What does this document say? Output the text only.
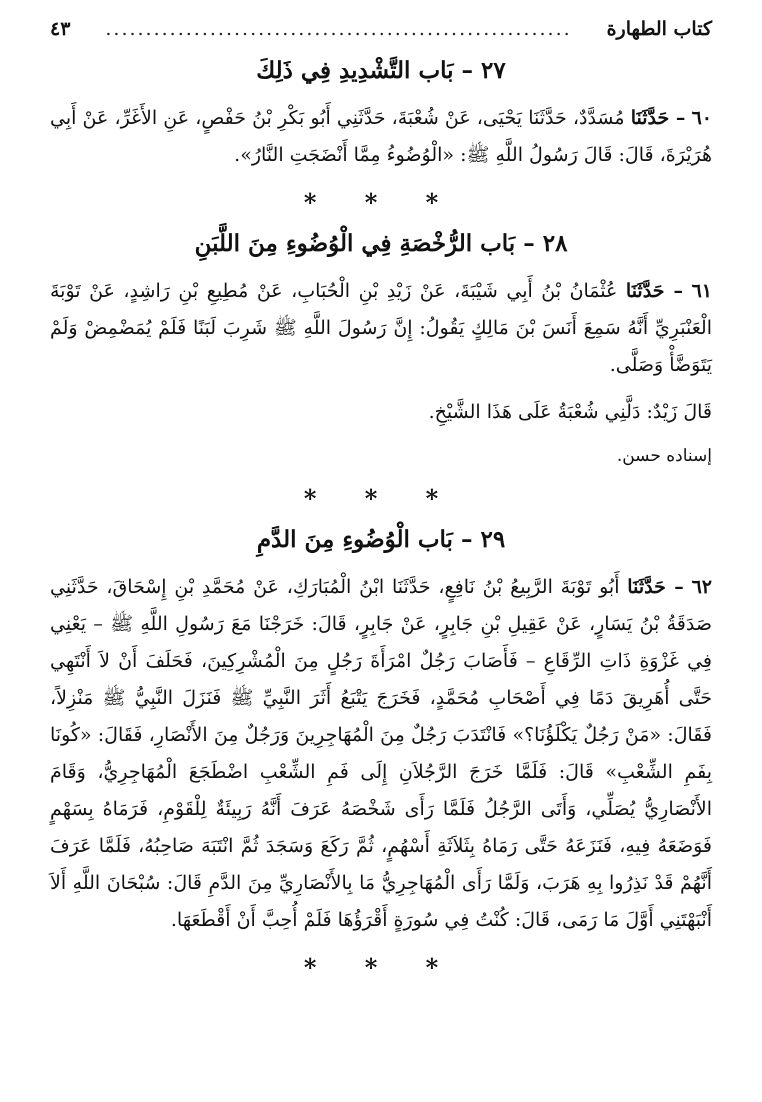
كتاب الطهارة
..........................................................
٤٣
٢٧ – بَاب التَّشْدِيدِ فِي ذَلِكَ

٦٠ – حَدَّثَنَا مُسَدَّدٌ، حَدَّثَنَا يَحْيَى، عَنْ شُعْبَةَ، حَدَّثَنِي أَبُو بَكْرِ بْنُ حَفْصٍ، عَنِ الأَغَرِّ، عَنْ أَبِي هُرَيْرَةَ، قَالَ: قَالَ رَسُولُ اللَّهِ ﷺ: «الْوُضُوءُ مِمَّا أَنْضَجَتِ النَّارُ».

* * *
٢٨ – بَاب الرُّخْصَةِ فِي الْوُضُوءِ مِنَ اللَّبَنِ

٦١ – حَدَّثَنَا عُثْمَانُ بْنُ أَبِي شَيْبَةَ، عَنْ زَيْدِ بْنِ الْحُبَابِ، عَنْ مُطِيعِ بْنِ رَاشِدٍ، عَنْ تَوْبَةَ الْعَنْبَرِيِّ أَنَّهُ سَمِعَ أَنَسَ بْنَ مَالِكٍ يَقُولُ: إِنَّ رَسُولَ اللَّهِ ﷺ شَرِبَ لَبَنًا فَلَمْ يُمَضْمِضْ وَلَمْ يَتَوَضَّأْ وَصَلَّى.

قَالَ زَيْدٌ: دَلَّنِي شُعْبَةُ عَلَى هَذَا الشَّيْخِ.

إسناده حسن.

* * *
٢٩ – بَاب الْوُضُوءِ مِنَ الدَّمِ

٦٢ – حَدَّثَنَا أَبُو تَوْبَةَ الرَّبِيعُ بْنُ نَافِعٍ، حَدَّثَنَا ابْنُ الْمُبَارَكِ، عَنْ مُحَمَّدِ بْنِ إِسْحَاقَ، حَدَّثَنِي صَدَقَةُ بْنُ يَسَارٍ، عَنْ عَقِيلِ بْنِ جَابِرٍ، عَنْ جَابِرٍ، قَالَ: خَرَجْنَا مَعَ رَسُولِ اللَّهِ ﷺ – يَعْنِي فِي غَزْوَةِ ذَاتِ الرِّقَاعِ – فَأَصَابَ رَجُلٌ امْرَأَةَ رَجُلٍ مِنَ الْمُشْرِكِينَ، فَحَلَفَ أَنْ لاَ أَنْتَهِي حَتَّى أُهَرِيقَ دَمًا فِي أَصْحَابِ مُحَمَّدٍ، فَخَرَجَ يَتْبَعُ أَثَرَ النَّبِيِّ ﷺ فَنَزَلَ النَّبِيُّ ﷺ مَنْزِلاً، فَقَالَ: «مَنْ رَجُلٌ يَكْلَؤُنَا؟» فَانْتَدَبَ رَجُلٌ مِنَ الْمُهَاجِرِينَ وَرَجُلٌ مِنَ الأَنْصَارِ، فَقَالَ: «كُونَا بِفَمِ الشِّعْبِ» قَالَ: فَلَمَّا خَرَجَ الرَّجُلاَنِ إِلَى فَمِ الشِّعْبِ اضْطَجَعَ الْمُهَاجِرِيُّ، وَقَامَ الأَنْصَارِيُّ يُصَلِّي، وَأَتَى الرَّجُلُ فَلَمَّا رَأَى شَخْصَهُ عَرَفَ أَنَّهُ رَبِيئَةٌ لِلْقَوْمِ، فَرَمَاهُ بِسَهْمٍ فَوَضَعَهُ فِيهِ، فَنَزَعَهُ حَتَّى رَمَاهُ بِثَلاَثَةِ أَسْهُمٍ، ثُمَّ رَكَعَ وَسَجَدَ ثُمَّ انْتَبَهَ صَاحِبُهُ، فَلَمَّا عَرَفَ أَنَّهُمْ قَدْ نَذِرُوا بِهِ هَرَبَ، وَلَمَّا رَأَى الْمُهَاجِرِيُّ مَا بِالأَنْصَارِيِّ مِنَ الدَّمِ قَالَ: سُبْحَانَ اللَّهِ أَلاَ أَنْبَهْتَنِي أَوَّلَ مَا رَمَى، قَالَ: كُنْتُ فِي سُورَةٍ أَقْرَؤُهَا فَلَمْ أُحِبَّ أَنْ أَقْطَعَهَا.

* * *
